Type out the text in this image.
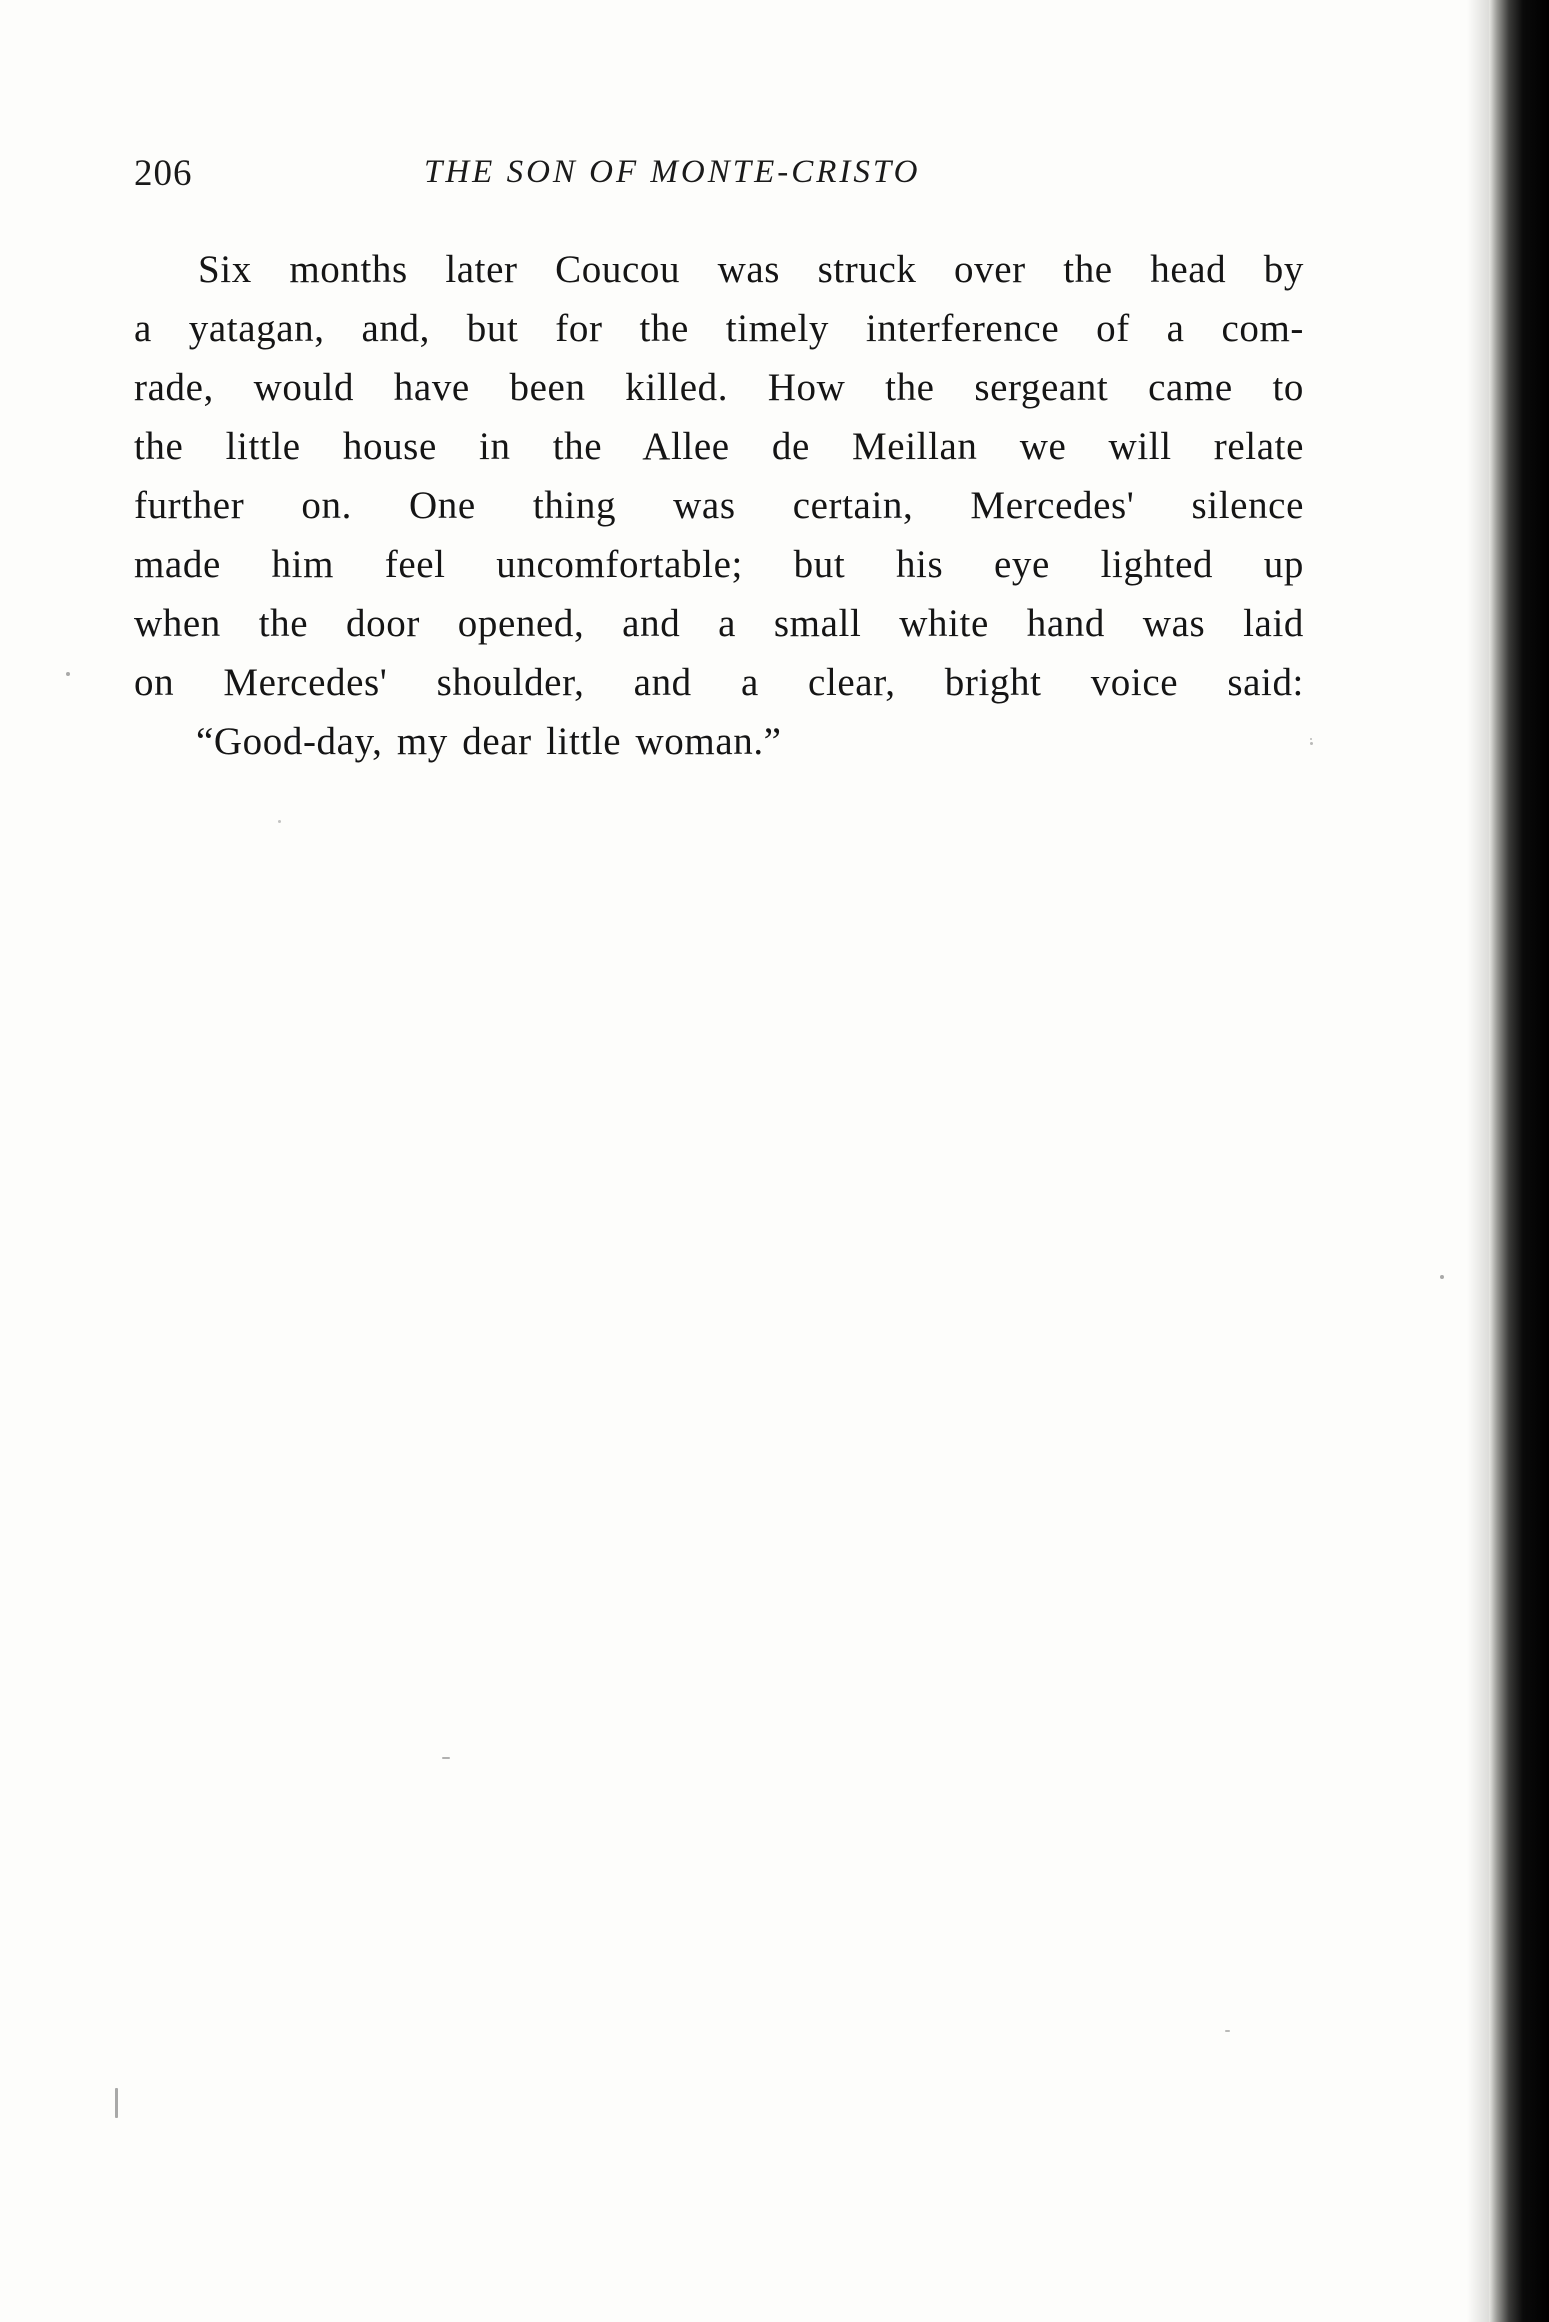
206	THE SON OF MONTE-CRISTO
Six months later Coucou was struck over the head by
a yatagan, and, but for the timely interference of a com-
rade, would have been killed. How the sergeant came to
the little house in the Allee de Meillan we will relate
further on. One thing was certain, Mercedes' silence
made him feel uncomfortable; but his eye lighted up
when the door opened, and a small white hand was laid
on Mercedes' shoulder, and a clear, bright voice said:
“Good-day, my dear little woman.”
